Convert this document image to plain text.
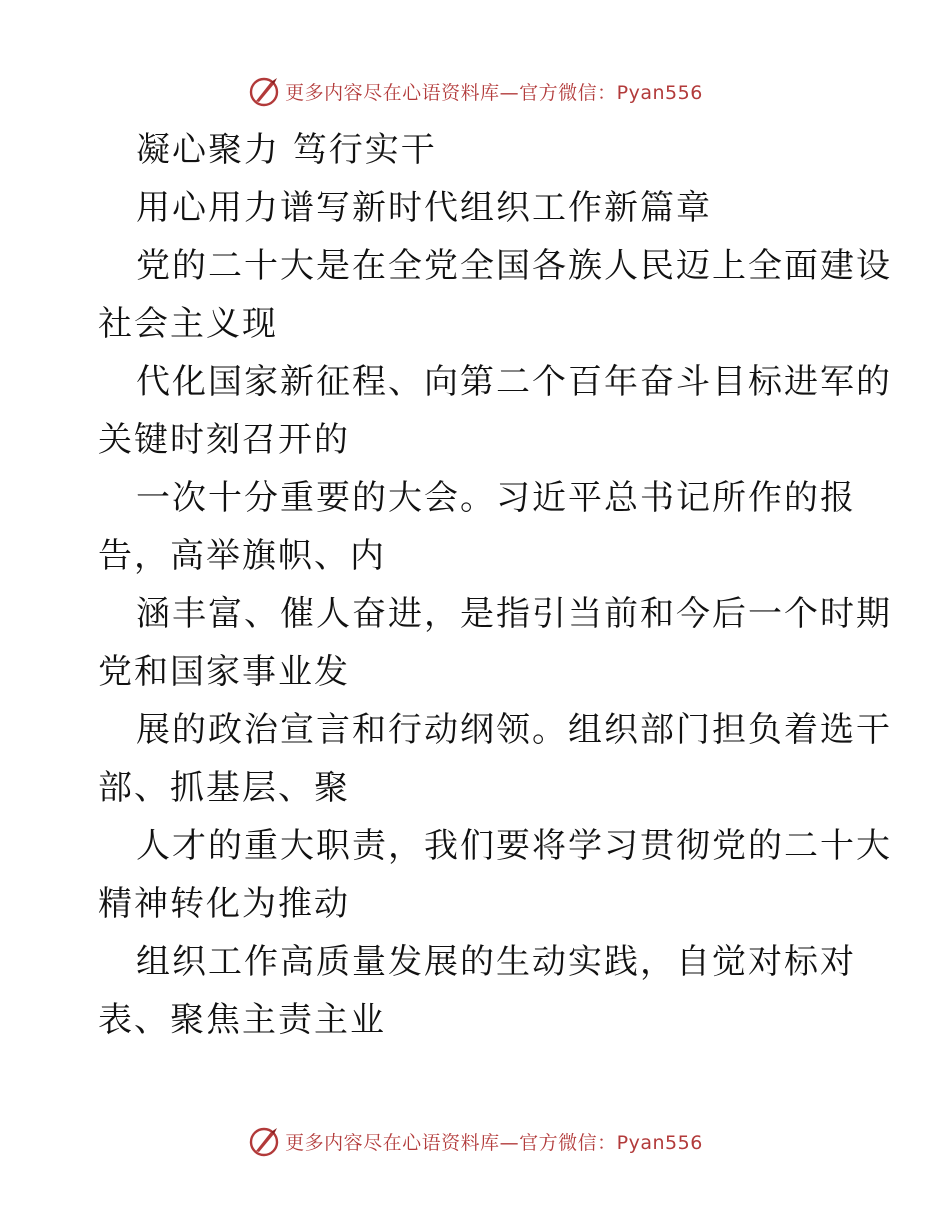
更多内容尽在心语资料库—官方微信：Pyan556
凝心聚力 笃行实干
用心用力谱写新时代组织工作新篇章
党的二十大是在全党全国各族人民迈上全面建设
社会主义现
代化国家新征程、向第二个百年奋斗目标进军的
关键时刻召开的
一次十分重要的大会。习近平总书记所作的报
告，高举旗帜、内
涵丰富、催人奋进，是指引当前和今后一个时期
党和国家事业发
展的政治宣言和行动纲领。组织部门担负着选干
部、抓基层、聚
人才的重大职责，我们要将学习贯彻党的二十大
精神转化为推动
组织工作高质量发展的生动实践，自觉对标对
表、聚焦主责主业
更多内容尽在心语资料库—官方微信：Pyan556
